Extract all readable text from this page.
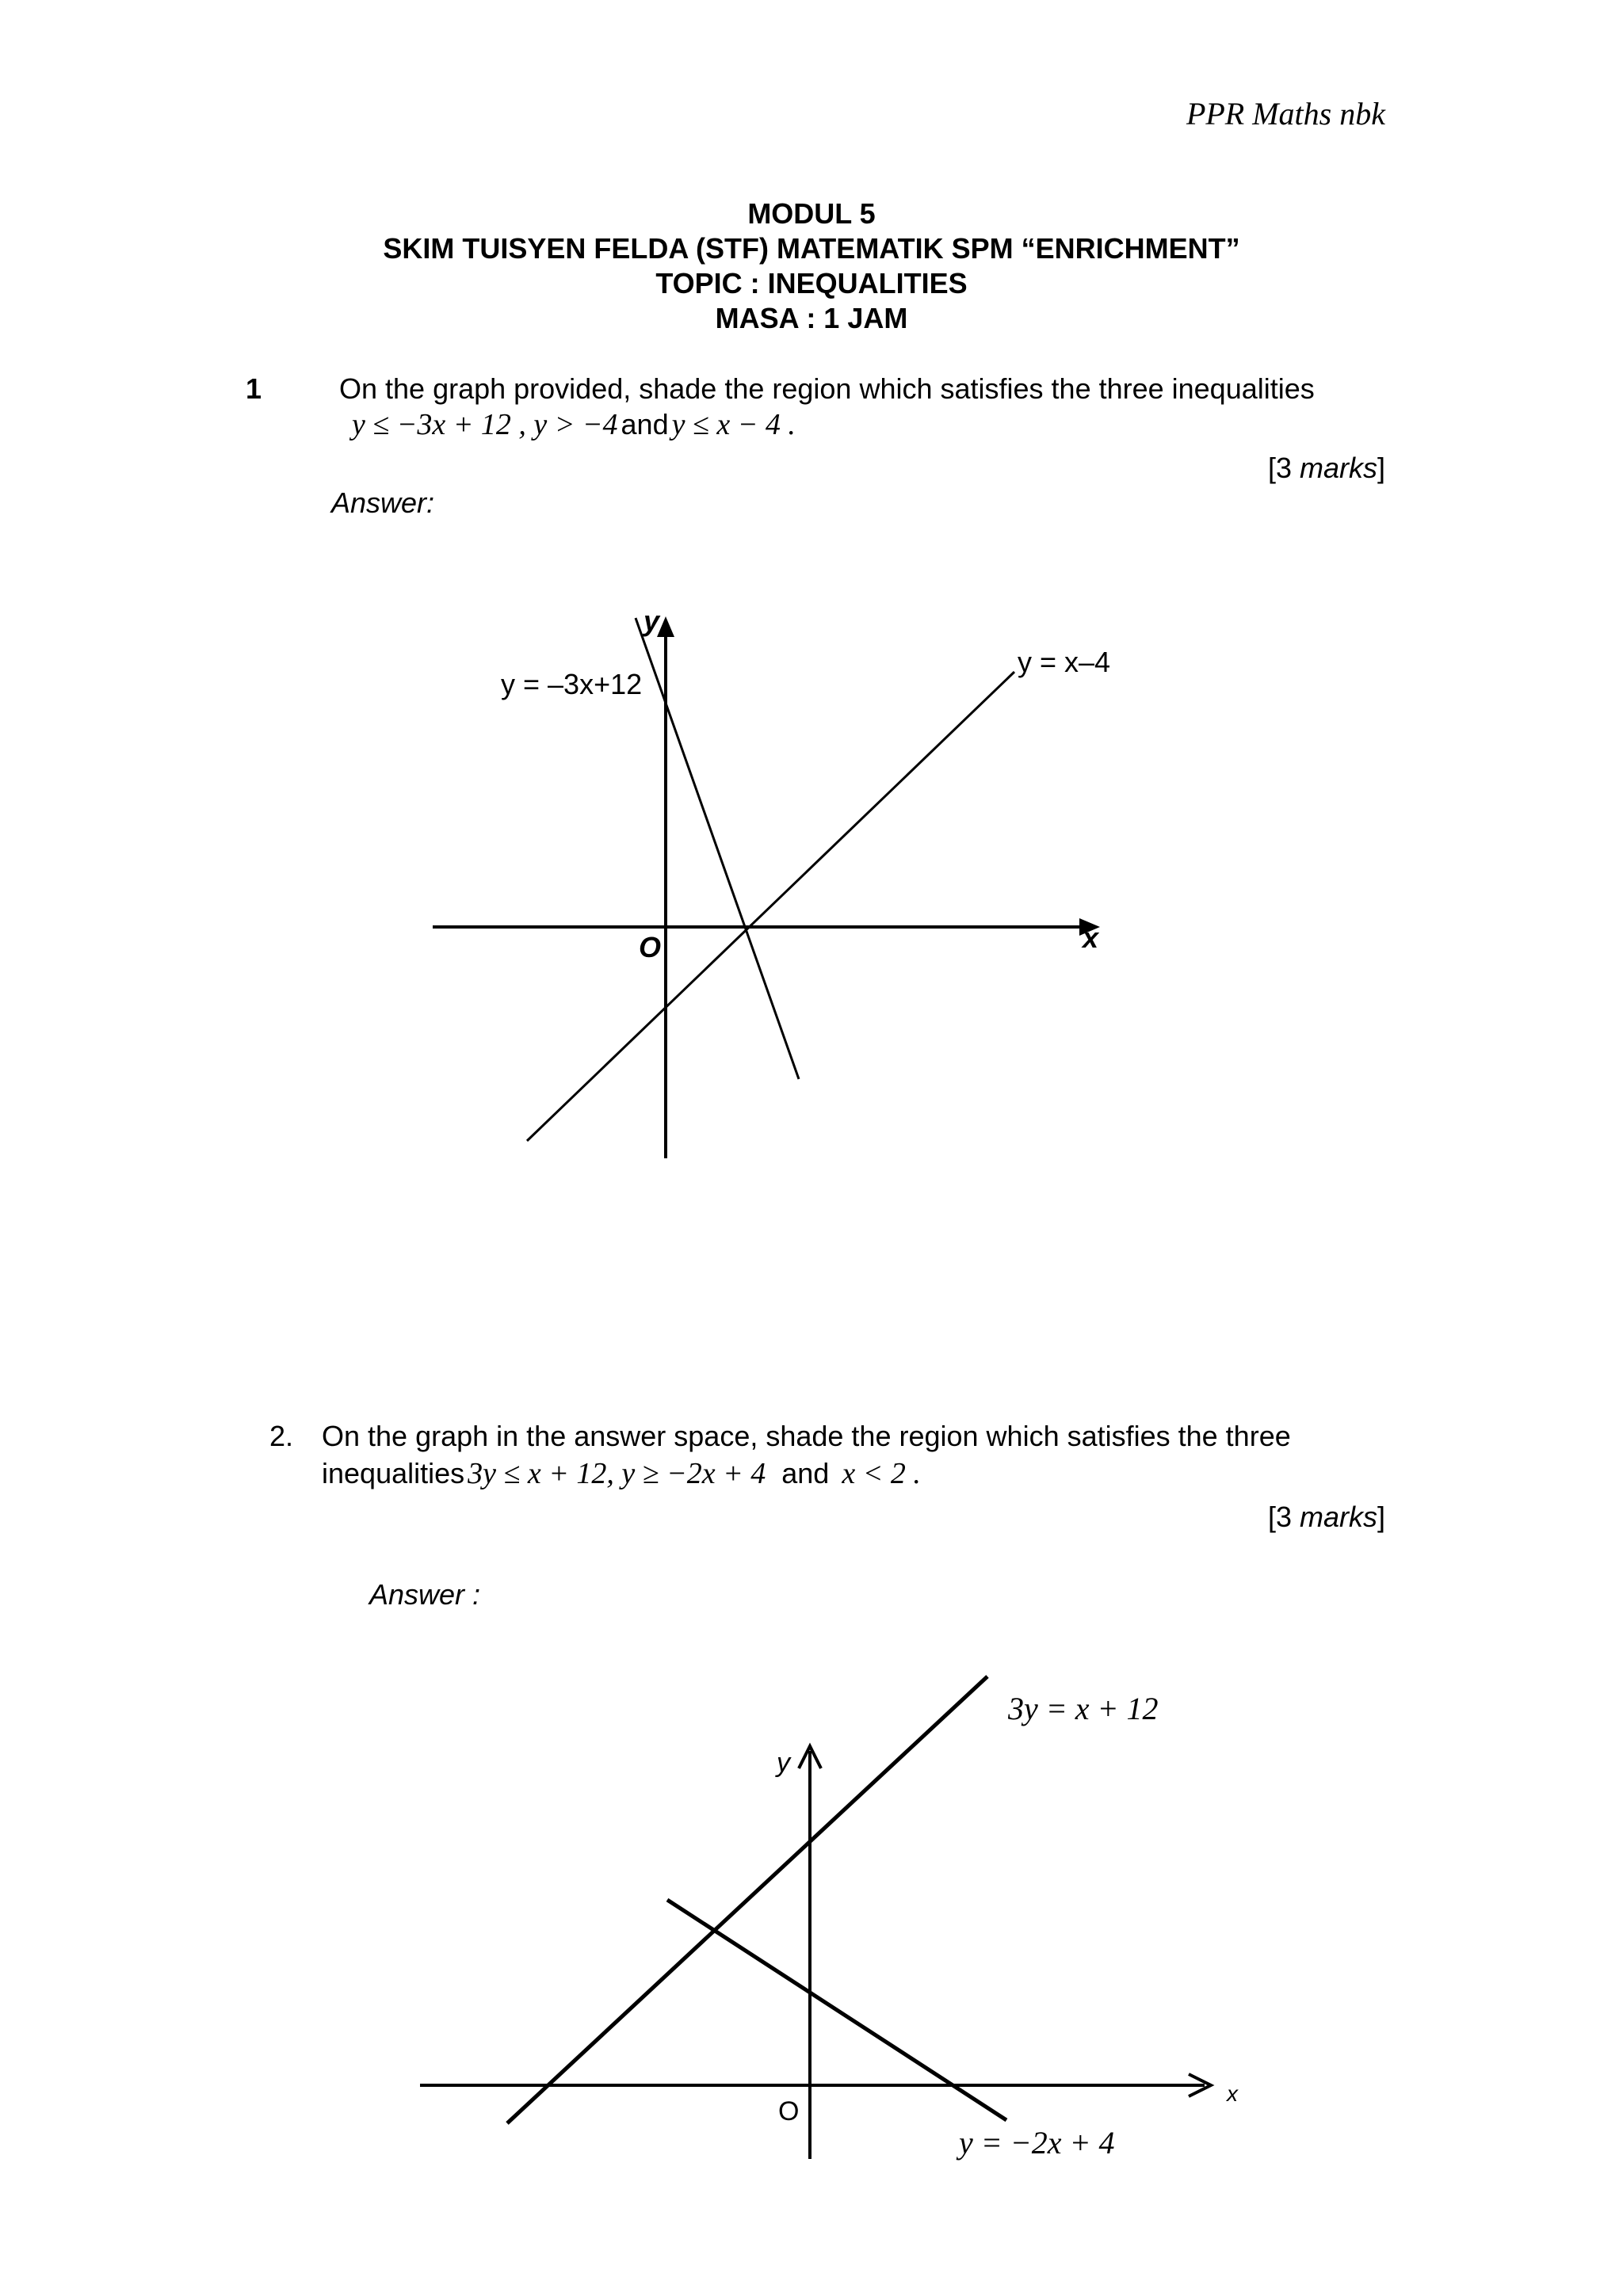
PPR Maths nbk
MODUL 5
SKIM TUISYEN FELDA (STF) MATEMATIK SPM “ENRICHMENT”
TOPIC : INEQUALITIES
MASA : 1 JAM
1	On the graph provided, shade the region which satisfies the three inequalities
y ≤ −3x + 12 , y > −4 and y ≤ x − 4 .
[3 marks]
Answer:
y
x
O
y = –3x+12
y = x–4
2. On the graph in the answer space, shade the region which satisfies the three
inequalities 3y ≤ x + 12, y ≥ −2x + 4 and x < 2 .
[3 marks]
Answer :
y
x
O
3y = x + 12
y = −2x + 4
